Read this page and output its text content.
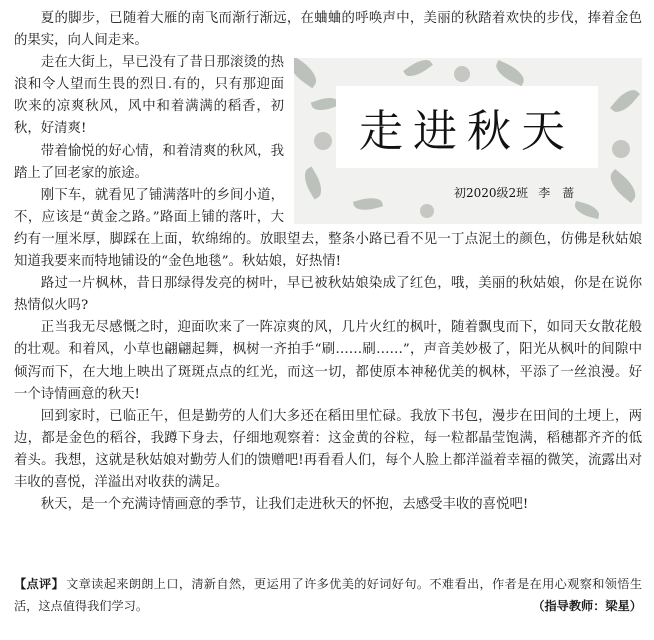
夏的脚步，已随着大雁的南飞而渐行渐远，在蛐蛐的呼唤声中，美丽的秋踏着欢快的步伐，捧着金色的果实，向人间走来。

走进秋天
初2020级2班 李　蔷

走在大街上，早已没有了昔日那滚烫的热浪和令人望而生畏的烈日.有的，只有那迎面吹来的凉爽秋风，风中和着满满的稻香，初秋，好清爽!

带着愉悦的好心情，和着清爽的秋风，我踏上了回老家的旅途。

刚下车，就看见了铺满落叶的乡间小道，不，应该是“黄金之路。”路面上铺的落叶，大约有一厘米厚，脚踩在上面，软绵绵的。放眼望去，整条小路已看不见一丁点泥土的颜色，仿佛是秋姑娘知道我要来而特地铺设的“金色地毯”。秋姑娘，好热情!

路过一片枫林，昔日那绿得发亮的树叶，早已被秋姑娘染成了红色，哦，美丽的秋姑娘，你是在说你热情似火吗?

正当我无尽感慨之时，迎面吹来了一阵凉爽的风，几片火红的枫叶，随着飘曳而下，如同天女散花般的壮观。和着风，小草也翩翩起舞，枫树一齐拍手“刷……刷……”，声音美妙极了，阳光从枫叶的间隙中倾泻而下，在大地上映出了斑斑点点的红光，而这一切，都使原本神秘优美的枫林，平添了一丝浪漫。好一个诗情画意的秋天!

回到家时，已临正午，但是勤劳的人们大多还在稻田里忙碌。我放下书包，漫步在田间的土埂上，两边，都是金色的稻谷，我蹲下身去，仔细地观察着：这金黄的谷粒，每一粒都晶莹饱满，稻穗都齐齐的低着头。我想，这就是秋姑娘对勤劳人们的馈赠吧!再看看人们，每个人脸上都洋溢着幸福的微笑，流露出对丰收的喜悦，洋溢出对收获的满足。

秋天，是一个充满诗情画意的季节，让我们走进秋天的怀抱，去感受丰收的喜悦吧!

【点评】 文章读起来朗朗上口，清新自然，更运用了许多优美的好词好句。不难看出，作者是在用心观察和领悟生活，这点值得我们学习。	（指导教师：梁星）
